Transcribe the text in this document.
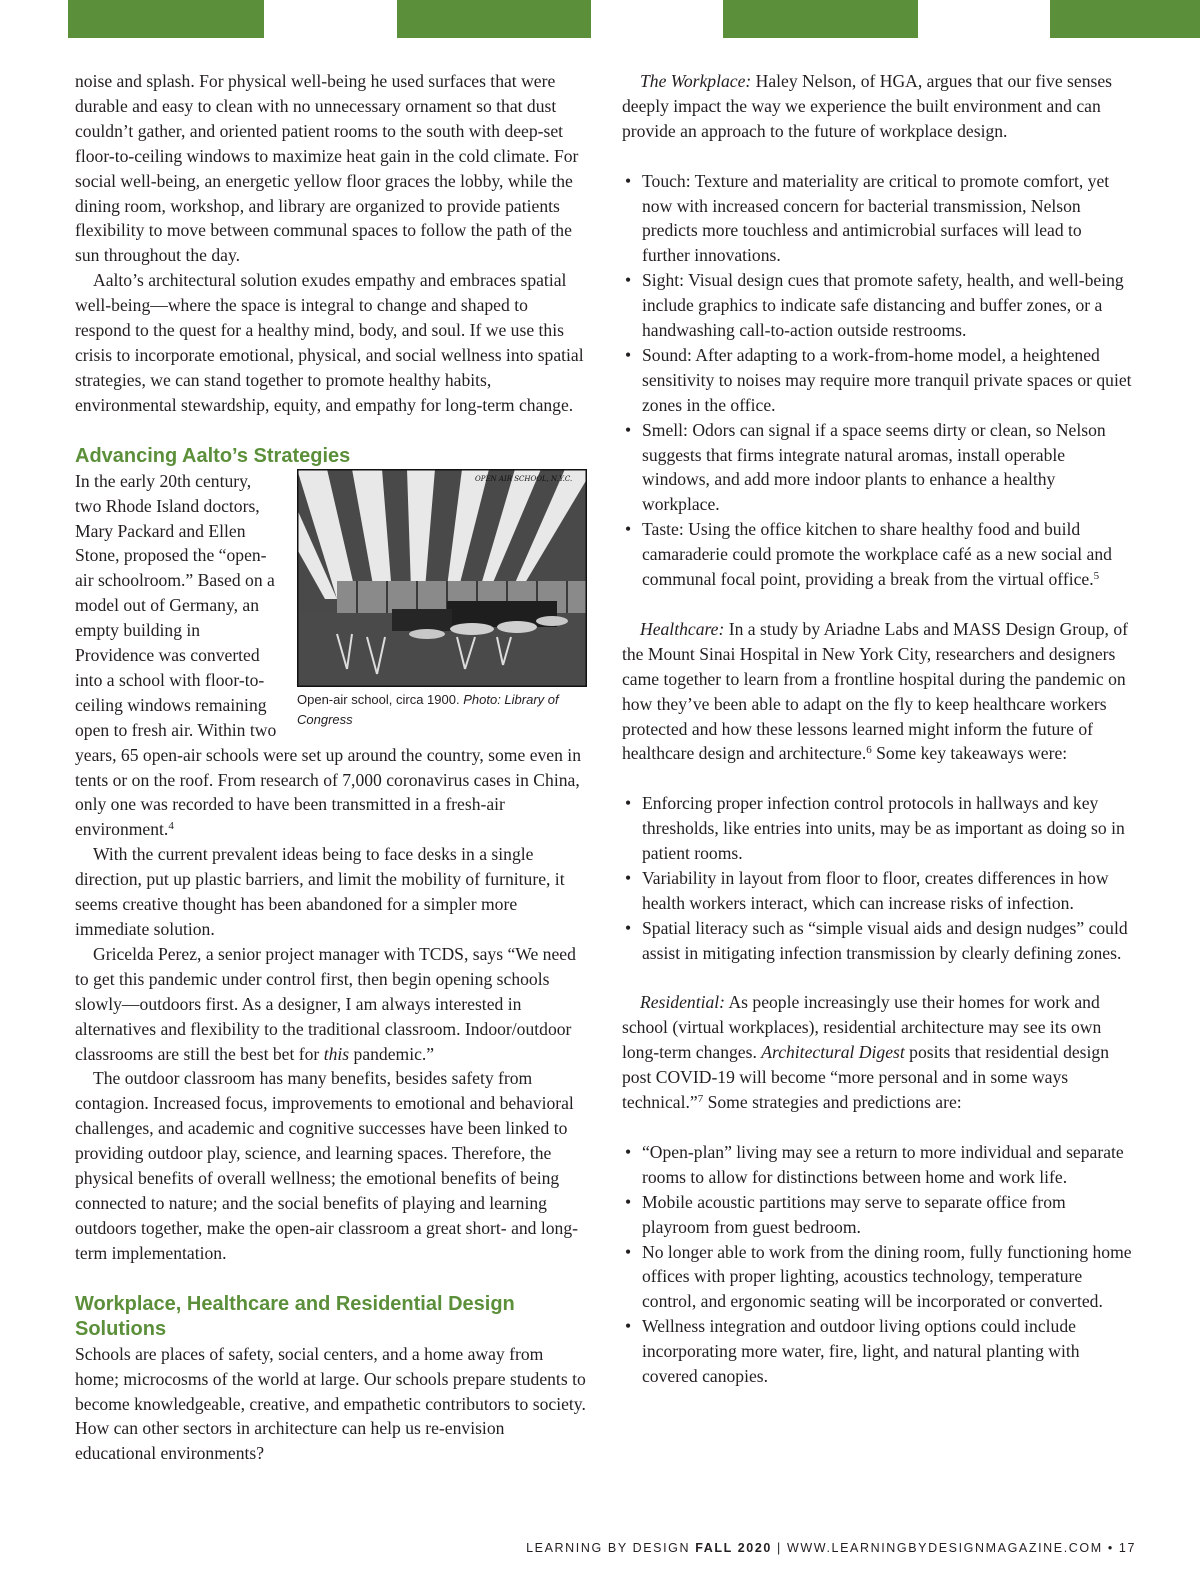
noise and splash. For physical well-being he used surfaces that were durable and easy to clean with no unnecessary ornament so that dust couldn’t gather, and oriented patient rooms to the south with deep-set floor-to-ceiling windows to maximize heat gain in the cold climate. For social well-being, an energetic yellow floor graces the lobby, while the dining room, workshop, and library are organized to provide patients flexibility to move between communal spaces to follow the path of the sun throughout the day.

Aalto’s architectural solution exudes empathy and embraces spatial well-being—where the space is integral to change and shaped to respond to the quest for a healthy mind, body, and soul. If we use this crisis to incorporate emotional, physical, and social wellness into spatial strategies, we can stand together to promote healthy habits, environmental stewardship, equity, and empathy for long-term change.

Advancing Aalto’s Strategies
OPEN AIR SCHOOL, N.Y.C.
Open-air school, circa 1900. Photo: Library of Congress

In the early 20th century, two Rhode Island doctors, Mary Packard and Ellen Stone, proposed the “open-air schoolroom.” Based on a model out of Germany, an empty building in Providence was converted into a school with floor-to-ceiling windows remaining open to fresh air. Within two years, 65 open-air schools were set up around the country, some even in tents or on the roof. From research of 7,000 coronavirus cases in China, only one was recorded to have been transmitted in a fresh-air environment.$^4$

With the current prevalent ideas being to face desks in a single direction, put up plastic barriers, and limit the mobility of furniture, it seems creative thought has been abandoned for a simpler more immediate solution.

Gricelda Perez, a senior project manager with TCDS, says “We need to get this pandemic under control first, then begin opening schools slowly—outdoors first. As a designer, I am always interested in alternatives and flexibility to the traditional classroom. Indoor/outdoor classrooms are still the best bet for this pandemic.”

The outdoor classroom has many benefits, besides safety from contagion. Increased focus, improvements to emotional and behavioral challenges, and academic and cognitive successes have been linked to providing outdoor play, science, and learning spaces. Therefore, the physical benefits of overall wellness; the emotional benefits of being connected to nature; and the social benefits of playing and learning outdoors together, make the open-air classroom a great short- and long-term implementation.

Workplace, Healthcare and Residential Design Solutions

Schools are places of safety, social centers, and a home away from home; microcosms of the world at large. Our schools prepare students to become knowledgeable, creative, and empathetic contributors to society. How can other sectors in architecture can help us re-envision educational environments?

The Workplace: Haley Nelson, of HGA, argues that our five senses deeply impact the way we experience the built environment and can provide an approach to the future of workplace design.

• Touch: Texture and materiality are critical to promote comfort, yet now with increased concern for bacterial transmission, Nelson predicts more touchless and antimicrobial surfaces will lead to further innovations.
• Sight: Visual design cues that promote safety, health, and well-being include graphics to indicate safe distancing and buffer zones, or a handwashing call-to-action outside restrooms.
• Sound: After adapting to a work-from-home model, a heightened sensitivity to noises may require more tranquil private spaces or quiet zones in the office.
• Smell: Odors can signal if a space seems dirty or clean, so Nelson suggests that firms integrate natural aromas, install operable windows, and add more indoor plants to enhance a healthy workplace.
• Taste: Using the office kitchen to share healthy food and build camaraderie could promote the workplace café as a new social and communal focal point, providing a break from the virtual office.$^5$

Healthcare: In a study by Ariadne Labs and MASS Design Group, of the Mount Sinai Hospital in New York City, researchers and designers came together to learn from a frontline hospital during the pandemic on how they’ve been able to adapt on the fly to keep healthcare workers protected and how these lessons learned might inform the future of healthcare design and architecture.$^6$ Some key takeaways were:

• Enforcing proper infection control protocols in hallways and key thresholds, like entries into units, may be as important as doing so in patient rooms.
• Variability in layout from floor to floor, creates differences in how health workers interact, which can increase risks of infection.
• Spatial literacy such as “simple visual aids and design nudges” could assist in mitigating infection transmission by clearly defining zones.

Residential: As people increasingly use their homes for work and school (virtual workplaces), residential architecture may see its own long-term changes. Architectural Digest posits that residential design post COVID-19 will become “more personal and in some ways technical.”$^7$ Some strategies and predictions are:

• “Open-plan” living may see a return to more individual and separate rooms to allow for distinctions between home and work life.
• Mobile acoustic partitions may serve to separate office from playroom from guest bedroom.
• No longer able to work from the dining room, fully functioning home offices with proper lighting, acoustics technology, temperature control, and ergonomic seating will be incorporated or converted.
• Wellness integration and outdoor living options could include incorporating more water, fire, light, and natural planting with covered canopies.
LEARNING BY DESIGN FALL 2020 | WWW.LEARNINGBYDESIGNMAGAZINE.COM • 17
